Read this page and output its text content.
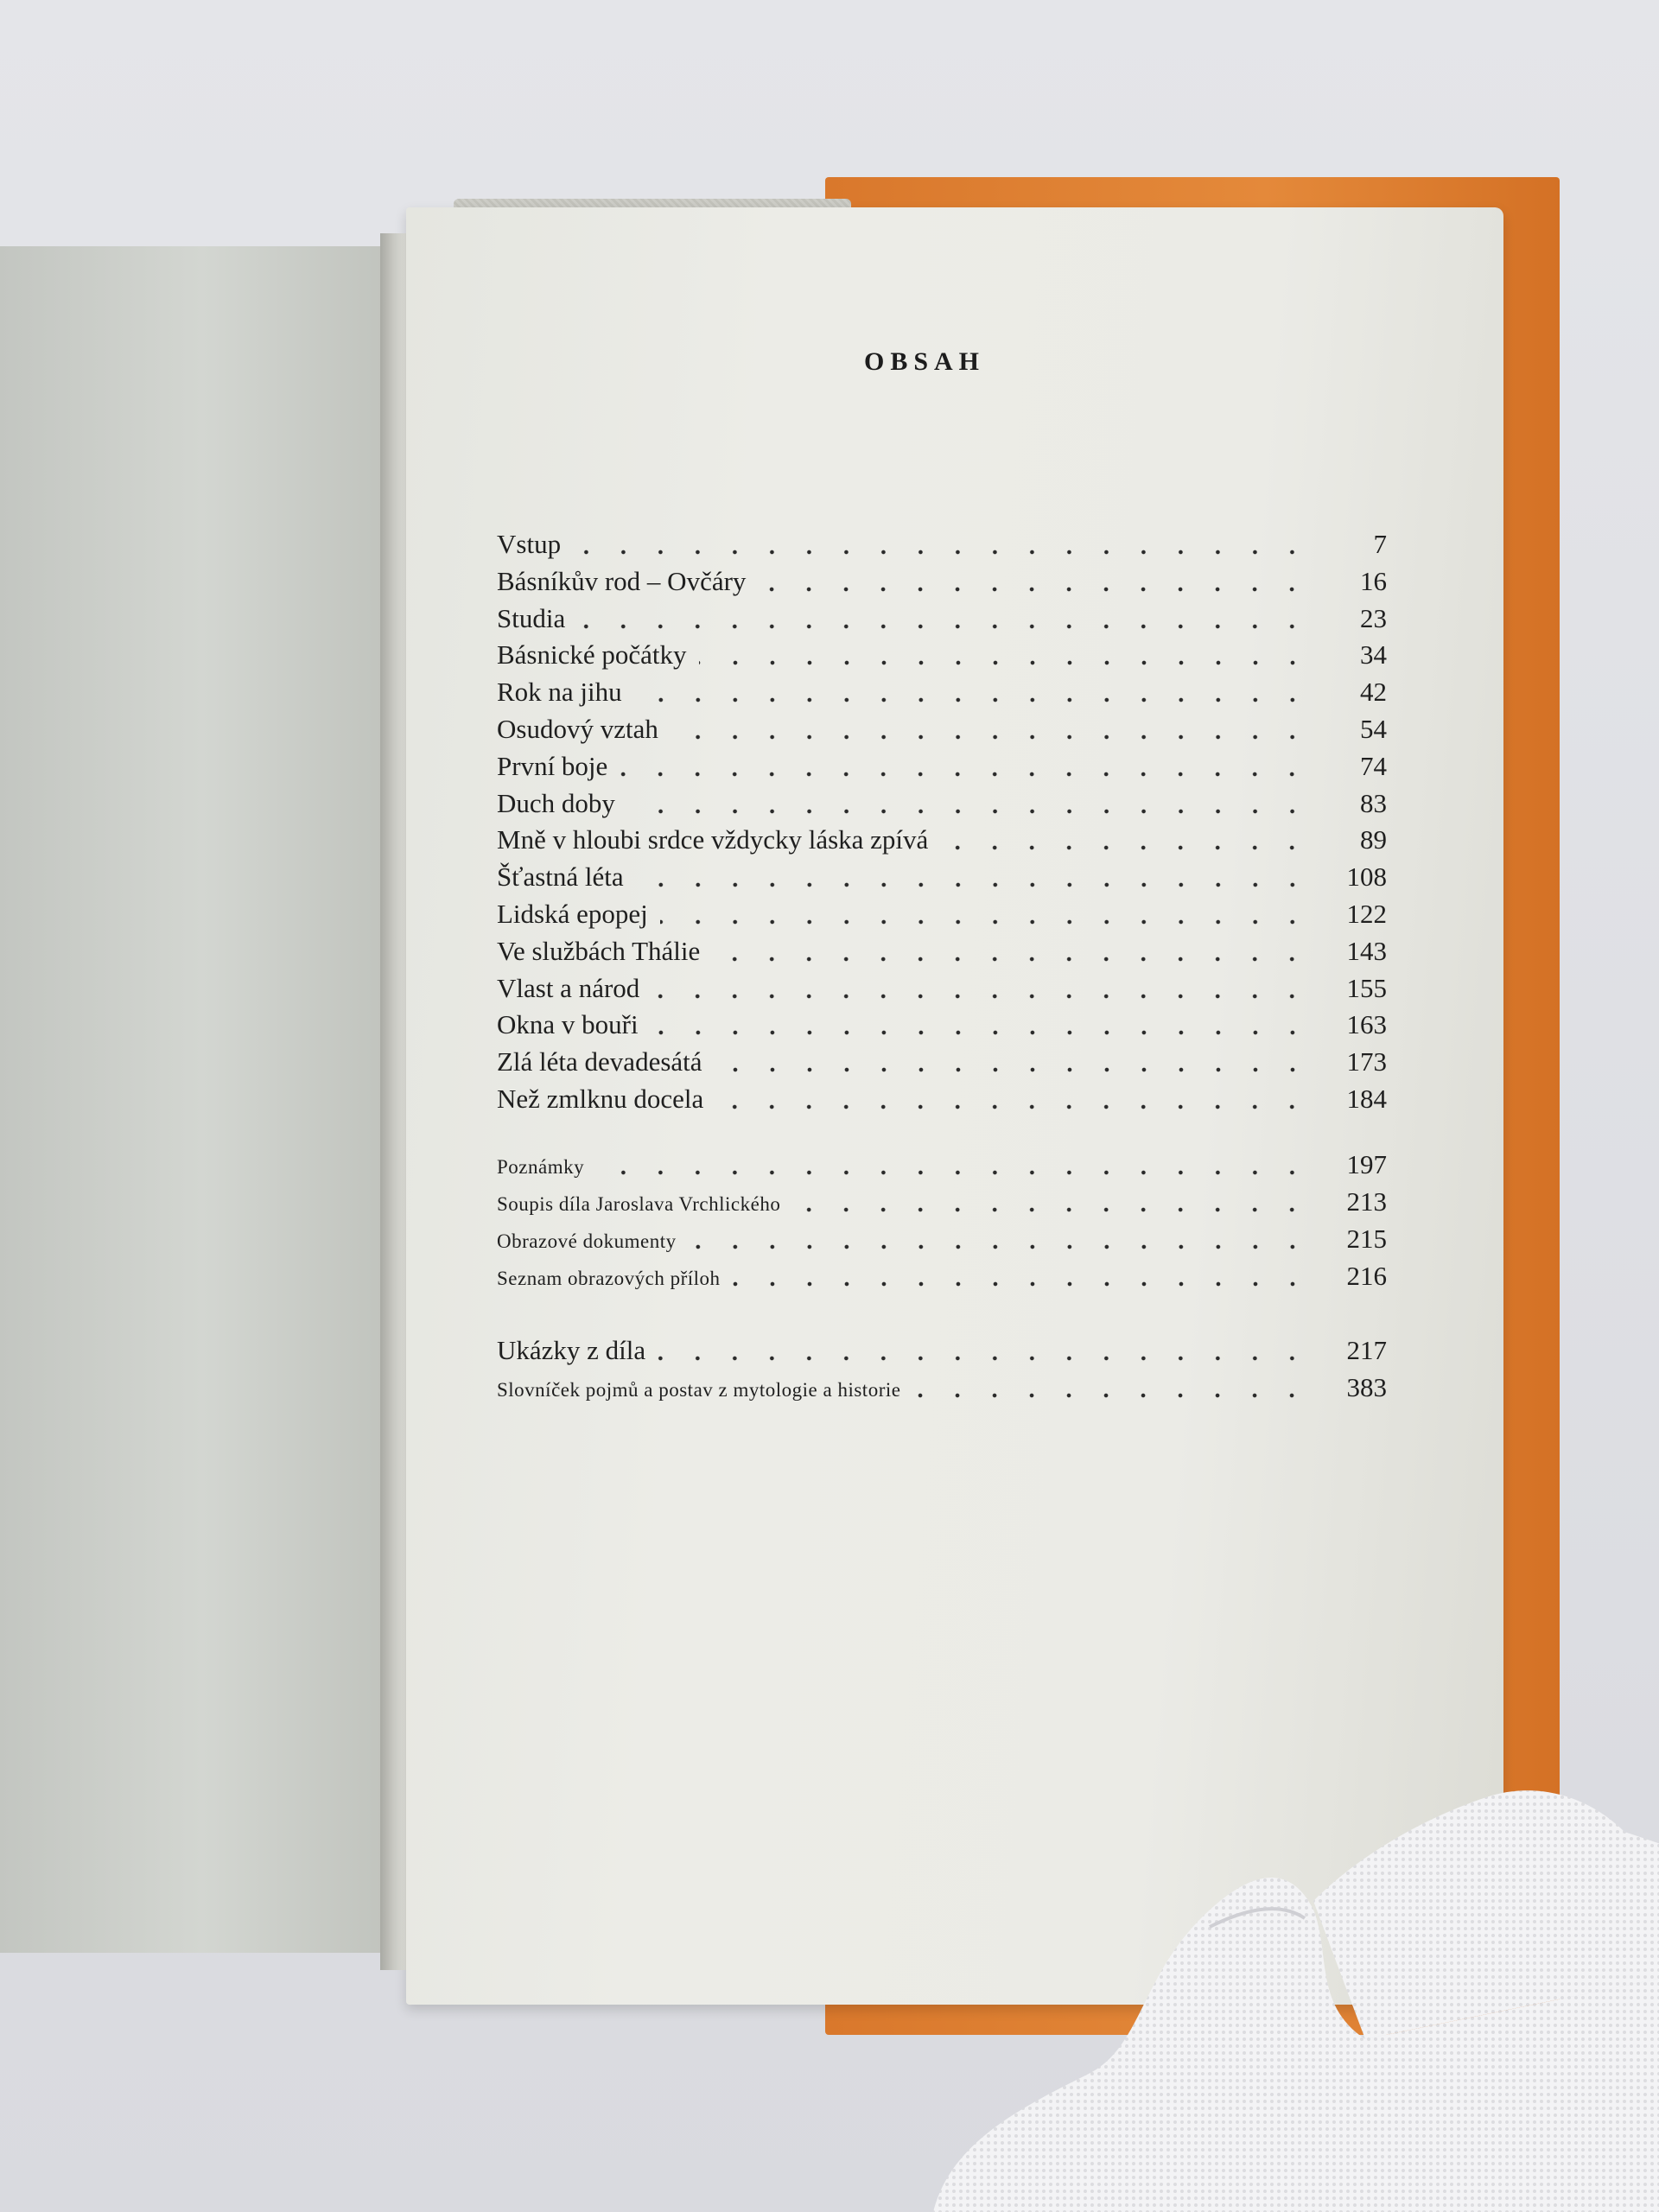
OBSAH
Vstup	7
Básníkův rod – Ovčáry	16
Studia	23
Básnické počátky	34
Rok na jihu	42
Osudový vztah	54
První boje	74
Duch doby	83
Mně v hloubi srdce vždycky láska zpívá	89
Šťastná léta	108
Lidská epopej	122
Ve službách Thálie	143
Vlast a národ	155
Okna v bouři	163
Zlá léta devadesátá	173
Než zmlknu docela	184
Poznámky	197
Soupis díla Jaroslava Vrchlického	213
Obrazové dokumenty	215
Seznam obrazových příloh	216
Ukázky z díla	217
Slovníček pojmů a postav z mytologie a historie	383
